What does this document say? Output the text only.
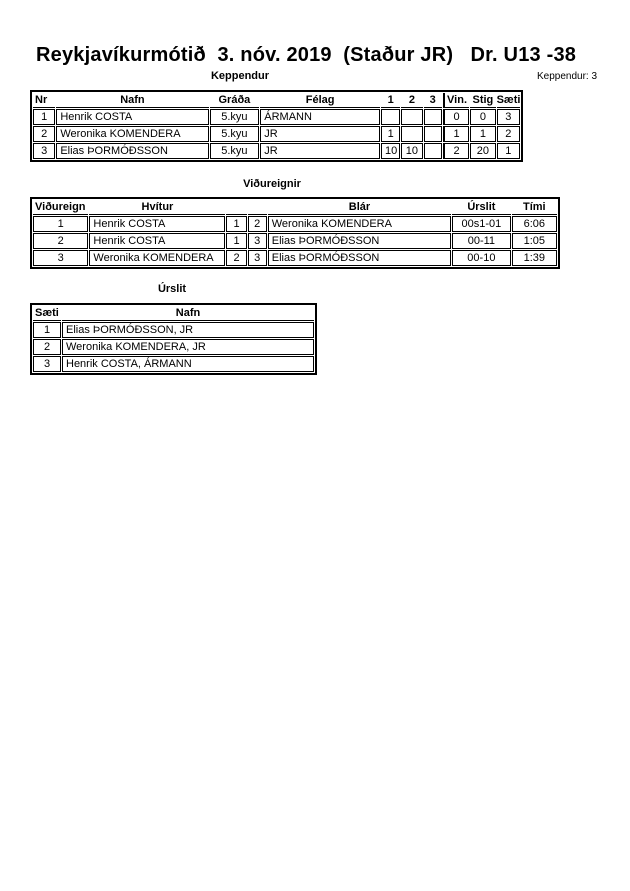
Reykjavíkurmótið  3. nóv. 2019  (Staður JR)   Dr. U13 -38
Keppendur	Keppendur: 3
Nr	Nafn	Gráða	Félag	1	2	3	Vin.	Stig	Sæti
1	Henrik COSTA	5.kyu	ÁRMANN				0	0	3
2	Weronika KOMENDERA	5.kyu	JR	1			1	1	2
3	Elias ÞORMÓÐSSON	5.kyu	JR	10	10		2	20	1
Viðureignir
Viðureign	Hvítur			Blár	Úrslit	Tími
1	Henrik COSTA	1	2	Weronika KOMENDERA	00s1-01	6:06
2	Henrik COSTA	1	3	Elias ÞORMÓÐSSON	00-11	1:05
3	Weronika KOMENDERA	2	3	Elias ÞORMÓÐSSON	00-10	1:39
Úrslit
Sæti	Nafn
1	Elias ÞORMÓÐSSON, JR
2	Weronika KOMENDERA, JR
3	Henrik COSTA, ÁRMANN
